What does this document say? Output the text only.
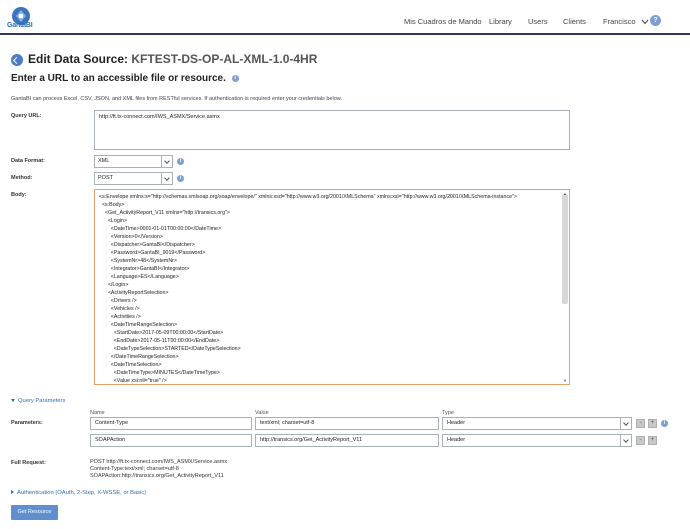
GantaBI	Mis Cuadros de Mando Library Users Clients Francisco	?
Edit Data Source: KFTEST-DS-OP-AL-XML-1.0-4HR
Enter a URL to an accessible file or resource. i
GantaBI can process Excel, CSV, JSON, and XML files from RESTful services. If authentication is required enter your credentials below.
Query URL:	http://ft.tx-connect.com/IWS_ASMX/Service.asmx
Data Format:	XML	i
Method:	POST	i
Body:	<s:Envelope xmlns:s="http://schemas.xmlsoap.org/soap/envelope/" xmlns:xsd="http://www.w3.org/2001/XMLSchema" xmlns:xsi="http://www.w3.org/2001/XMLSchema-instance">
<s:Body>
<Get_ActivityReport_V11 xmlns="http://transics.org">
<Login>
<DateTime>0001-01-01T00:00:00</DateTime>
<Version>0</Version>
<Dispatcher>GantaBI</Dispatcher>
<Password>GantaBI_9019</Password>
<SystemNr>48</SystemNr>
<Integrator>GantaBI</Integrator>
<Language>ES</Language>
</Login>
<ActivityReportSelection>
<Drivers />
<Vehicles />
<Activities />
<DateTimeRangeSelection>
<StartDate>2017-05-09T00:00:00</StartDate>
<EndDate>2017-05-11T00:00:00</EndDate>
<DateTypeSelection>STARTED</DateTypeSelection>
</DateTimeRangeSelection>
<DateTimeSelection>
<DateTimeType>MINUTES</DateTimeType>
<Value xsi:nil="true" />
▲
▼
Query Parameters
Name	Value	Type
Parameters:	Content-Type	text/xml; charset=utf-8	Header	-	+	i
SOAPAction	http://transics.org/Get_ActivityReport_V11	Header	-	+
Full Request:	POST http://ft.tx-connect.com/IWS_ASMX/Service.asmx
Content-Type:text/xml; charset=utf-8
SOAPAction:http://transics.org/Get_ActivityReport_V11
Authentication (OAuth, 2-Step, X-WSSE, or Basic)
Get Resource
